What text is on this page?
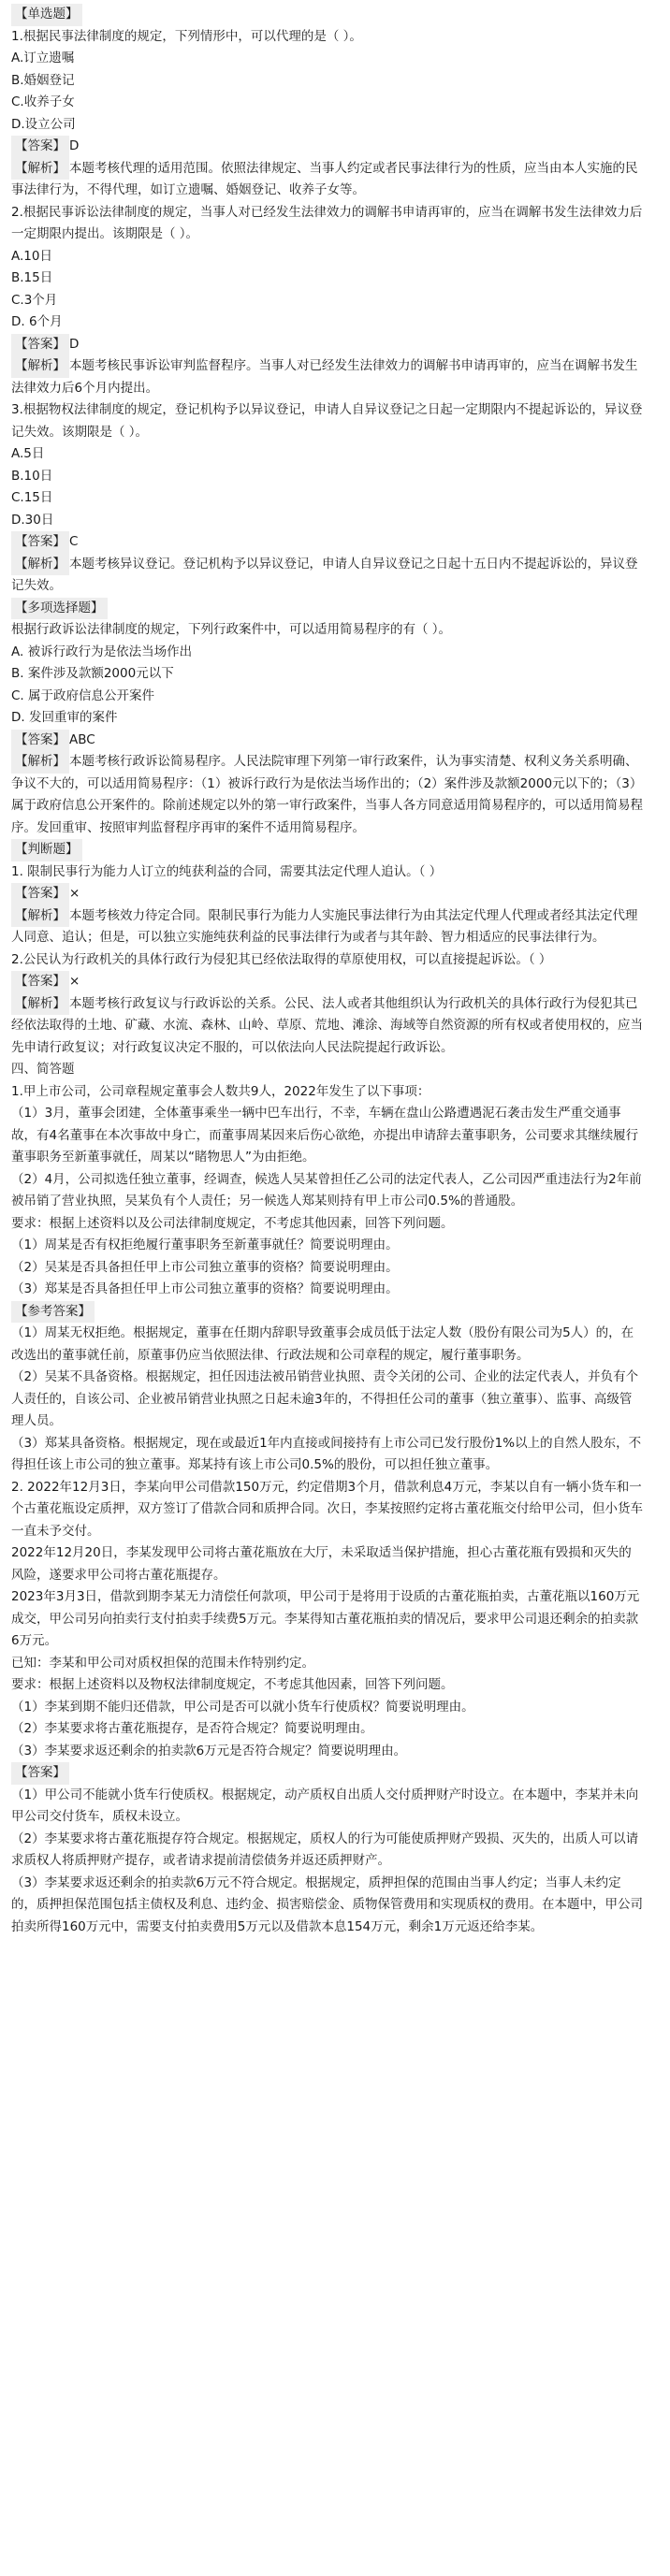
【单选题】
1.根据民事法律制度的规定，下列情形中，可以代理的是（ ）。
A.订立遗嘱
B.婚姻登记
C.收养子女
D.设立公司
【答案】 D
【解析】 本题考核代理的适用范围。依照法律规定、当事人约定或者民事法律行为的性质，应当由本人实施的民事法律行为，不得代理，如订立遗嘱、婚姻登记、收养子女等。
2.根据民事诉讼法律制度的规定，当事人对已经发生法律效力的调解书申请再审的，应当在调解书发生法律效力后一定期限内提出。该期限是（ ）。
A.10日
B.15日
C.3个月
D. 6个月
【答案】 D
【解析】 本题考核民事诉讼审判监督程序。当事人对已经发生法律效力的调解书申请再审的，应当在调解书发生法律效力后6个月内提出。
3.根据物权法律制度的规定，登记机构予以异议登记，申请人自异议登记之日起一定期限内不提起诉讼的，异议登记失效。该期限是（ ）。
A.5日
B.10日
C.15日
D.30日
【答案】 C
【解析】 本题考核异议登记。登记机构予以异议登记，申请人自异议登记之日起十五日内不提起诉讼的，异议登记失效。
【多项选择题】
根据行政诉讼法律制度的规定，下列行政案件中，可以适用简易程序的有（ ）。
A. 被诉行政行为是依法当场作出
B. 案件涉及款额2000元以下
C. 属于政府信息公开案件
D. 发回重审的案件
【答案】 ABC
【解析】 本题考核行政诉讼简易程序。人民法院审理下列第一审行政案件，认为事实清楚、权利义务关系明确、争议不大的，可以适用简易程序：（1）被诉行政行为是依法当场作出的；（2）案件涉及款额2000元以下的；（3）属于政府信息公开案件的。除前述规定以外的第一审行政案件，当事人各方同意适用简易程序的，可以适用简易程序。发回重审、按照审判监督程序再审的案件不适用简易程序。
【判断题】
1. 限制民事行为能力人订立的纯获利益的合同，需要其法定代理人追认。（ ）
【答案】 ×
【解析】 本题考核效力待定合同。限制民事行为能力人实施民事法律行为由其法定代理人代理或者经其法定代理人同意、追认；但是，可以独立实施纯获利益的民事法律行为或者与其年龄、智力相适应的民事法律行为。
2.公民认为行政机关的具体行政行为侵犯其已经依法取得的草原使用权，可以直接提起诉讼。（ ）
【答案】 ×
【解析】 本题考核行政复议与行政诉讼的关系。公民、法人或者其他组织认为行政机关的具体行政行为侵犯其已经依法取得的土地、矿藏、水流、森林、山岭、草原、荒地、滩涂、海域等自然资源的所有权或者使用权的，应当先申请行政复议；对行政复议决定不服的，可以依法向人民法院提起行政诉讼。
四、简答题
1.甲上市公司，公司章程规定董事会人数共9人，2022年发生了以下事项：
（1）3月，董事会团建，全体董事乘坐一辆中巴车出行，不幸，车辆在盘山公路遭遇泥石袭击发生严重交通事故，有4名董事在本次事故中身亡，而董事周某因来后伤心欲绝，亦提出申请辞去董事职务，公司要求其继续履行董事职务至新董事就任，周某以“睹物思人”为由拒绝。
（2）4月，公司拟选任独立董事，经调查，候选人吴某曾担任乙公司的法定代表人，乙公司因严重违法行为2年前被吊销了营业执照，吴某负有个人责任；另一候选人郑某则持有甲上市公司0.5%的普通股。
要求：根据上述资料以及公司法律制度规定，不考虑其他因素，回答下列问题。
（1）周某是否有权拒绝履行董事职务至新董事就任？简要说明理由。
（2）吴某是否具备担任甲上市公司独立董事的资格？简要说明理由。
（3）郑某是否具备担任甲上市公司独立董事的资格？简要说明理由。
【参考答案】
（1）周某无权拒绝。根据规定，董事在任期内辞职导致董事会成员低于法定人数（股份有限公司为5人）的，在改选出的董事就任前，原董事仍应当依照法律、行政法规和公司章程的规定，履行董事职务。
（2）吴某不具备资格。根据规定，担任因违法被吊销营业执照、责令关闭的公司、企业的法定代表人，并负有个人责任的，自该公司、企业被吊销营业执照之日起未逾3年的，不得担任公司的董事（独立董事）、监事、高级管理人员。
（3）郑某具备资格。根据规定，现在或最近1年内直接或间接持有上市公司已发行股份1%以上的自然人股东，不得担任该上市公司的独立董事。郑某持有该上市公司0.5%的股份，可以担任独立董事。
2. 2022年12月3日，李某向甲公司借款150万元，约定借期3个月，借款利息4万元，李某以自有一辆小货车和一个古董花瓶设定质押，双方签订了借款合同和质押合同。次日，李某按照约定将古董花瓶交付给甲公司，但小货车一直未予交付。
2022年12月20日，李某发现甲公司将古董花瓶放在大厅，未采取适当保护措施，担心古董花瓶有毁损和灭失的风险，遂要求甲公司将古董花瓶提存。
2023年3月3日，借款到期李某无力清偿任何款项，甲公司于是将用于设质的古董花瓶拍卖，古董花瓶以160万元成交，甲公司另向拍卖行支付拍卖手续费5万元。李某得知古董花瓶拍卖的情况后，要求甲公司退还剩余的拍卖款6万元。
已知：李某和甲公司对质权担保的范围未作特别约定。
要求：根据上述资料以及物权法律制度规定，不考虑其他因素，回答下列问题。
（1）李某到期不能归还借款，甲公司是否可以就小货车行使质权？简要说明理由。
（2）李某要求将古董花瓶提存，是否符合规定？简要说明理由。
（3）李某要求返还剩余的拍卖款6万元是否符合规定？简要说明理由。
【答案】
（1）甲公司不能就小货车行使质权。根据规定，动产质权自出质人交付质押财产时设立。在本题中，李某并未向甲公司交付货车，质权未设立。
（2）李某要求将古董花瓶提存符合规定。根据规定，质权人的行为可能使质押财产毁损、灭失的，出质人可以请求质权人将质押财产提存，或者请求提前清偿债务并返还质押财产。
（3）李某要求返还剩余的拍卖款6万元不符合规定。根据规定，质押担保的范围由当事人约定；当事人未约定的，质押担保范围包括主债权及利息、违约金、损害赔偿金、质物保管费用和实现质权的费用。在本题中，甲公司拍卖所得160万元中，需要支付拍卖费用5万元以及借款本息154万元，剩余1万元返还给李某。
